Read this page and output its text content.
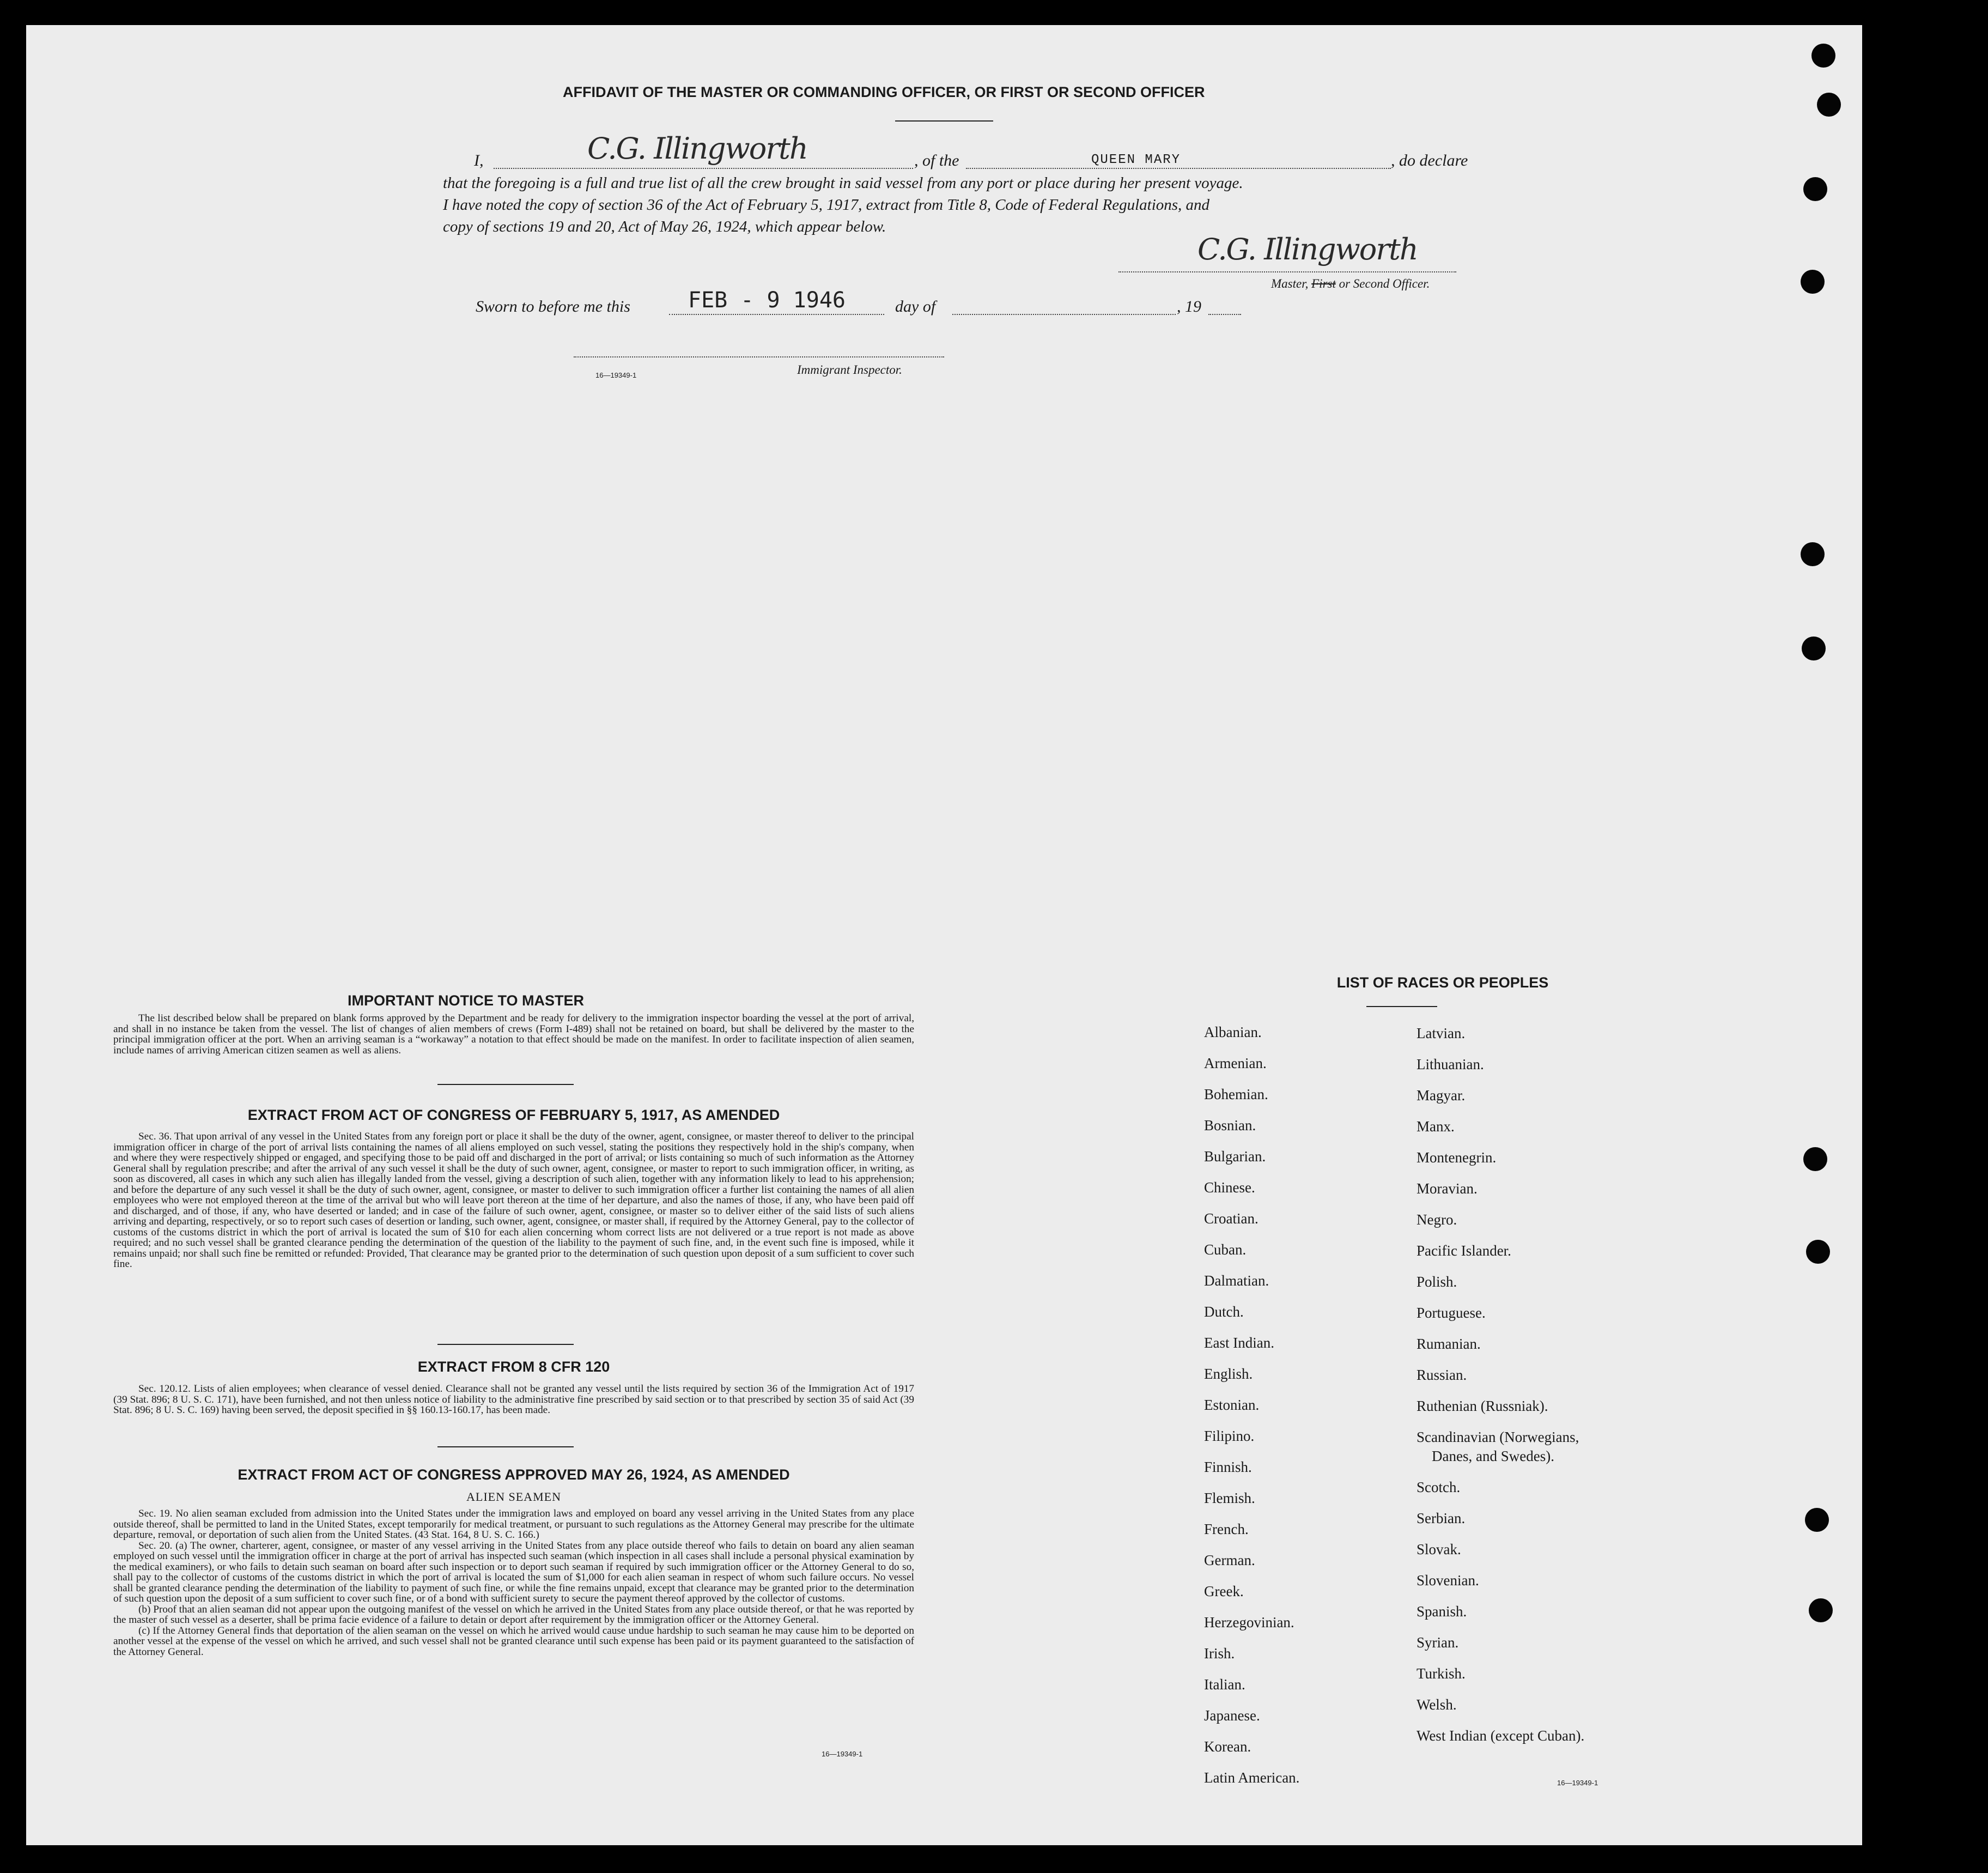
AFFIDAVIT OF THE MASTER OR COMMANDING OFFICER, OR FIRST OR SECOND OFFICER
I,	C.G. Illingworth	, of the	QUEEN MARY	, do declare
that the foregoing is a full and true list of all the crew brought in said vessel from any port or place during her present voyage.
I have noted the copy of section 36 of the Act of February 5, 1917, extract from Title 8, Code of Federal Regulations, and
copy of sections 19 and 20, Act of May 26, 1924, which appear below.
C.G. Illingworth
Master, First or Second Officer.
Sworn to before me this	FEB - 9 1946	day of	, 19
16—19349-1	Immigrant Inspector.
IMPORTANT NOTICE TO MASTER

The list described below shall be prepared on blank forms approved by the Department and be ready for delivery to the immigration inspector boarding the vessel at the port of arrival, and shall in no instance be taken from the vessel. The list of changes of alien members of crews (Form I-489) shall not be retained on board, but shall be delivered by the master to the principal immigration officer at the port. When an arriving seaman is a “workaway” a notation to that effect should be made on the manifest. In order to facilitate inspection of alien seamen, include names of arriving American citizen seamen as well as aliens.

EXTRACT FROM ACT OF CONGRESS OF FEBRUARY 5, 1917, AS AMENDED

Sec. 36. That upon arrival of any vessel in the United States from any foreign port or place it shall be the duty of the owner, agent, consignee, or master thereof to deliver to the principal immigration officer in charge of the port of arrival lists containing the names of all aliens employed on such vessel, stating the positions they respectively hold in the ship's company, when and where they were respectively shipped or engaged, and specifying those to be paid off and discharged in the port of arrival; or lists containing so much of such information as the Attorney General shall by regulation prescribe; and after the arrival of any such vessel it shall be the duty of such owner, agent, consignee, or master to report to such immigration officer, in writing, as soon as discovered, all cases in which any such alien has illegally landed from the vessel, giving a description of such alien, together with any information likely to lead to his apprehension; and before the departure of any such vessel it shall be the duty of such owner, agent, consignee, or master to deliver to such immigration officer a further list containing the names of all alien employees who were not employed thereon at the time of the arrival but who will leave port thereon at the time of her departure, and also the names of those, if any, who have been paid off and discharged, and of those, if any, who have deserted or landed; and in case of the failure of such owner, agent, consignee, or master so to deliver either of the said lists of such aliens arriving and departing, respectively, or so to report such cases of desertion or landing, such owner, agent, consignee, or master shall, if required by the Attorney General, pay to the collector of customs of the customs district in which the port of arrival is located the sum of $10 for each alien concerning whom correct lists are not delivered or a true report is not made as above required; and no such vessel shall be granted clearance pending the determination of the question of the liability to the payment of such fine, and, in the event such fine is imposed, while it remains unpaid; nor shall such fine be remitted or refunded: Provided, That clearance may be granted prior to the determination of such question upon deposit of a sum sufficient to cover such fine.

EXTRACT FROM 8 CFR 120

Sec. 120.12. Lists of alien employees; when clearance of vessel denied. Clearance shall not be granted any vessel until the lists required by section 36 of the Immigration Act of 1917 (39 Stat. 896; 8 U. S. C. 171), have been furnished, and not then unless notice of liability to the administrative fine prescribed by said section or to that prescribed by section 35 of said Act (39 Stat. 896; 8 U. S. C. 169) having been served, the deposit specified in §§ 160.13-160.17, has been made.

EXTRACT FROM ACT OF CONGRESS APPROVED MAY 26, 1924, AS AMENDED
ALIEN SEAMEN

Sec. 19. No alien seaman excluded from admission into the United States under the immigration laws and employed on board any vessel arriving in the United States from any place outside thereof, shall be permitted to land in the United States, except temporarily for medical treatment, or pursuant to such regulations as the Attorney General may prescribe for the ultimate departure, removal, or deportation of such alien from the United States. (43 Stat. 164, 8 U. S. C. 166.)

Sec. 20. (a) The owner, charterer, agent, consignee, or master of any vessel arriving in the United States from any place outside thereof who fails to detain on board any alien seaman employed on such vessel until the immigration officer in charge at the port of arrival has inspected such seaman (which inspection in all cases shall include a personal physical examination by the medical examiners), or who fails to detain such seaman on board after such inspection or to deport such seaman if required by such immigration officer or the Attorney General to do so, shall pay to the collector of customs of the customs district in which the port of arrival is located the sum of $1,000 for each alien seaman in respect of whom such failure occurs. No vessel shall be granted clearance pending the determination of the liability to payment of such fine, or while the fine remains unpaid, except that clearance may be granted prior to the determination of such question upon the deposit of a sum sufficient to cover such fine, or of a bond with sufficient surety to secure the payment thereof approved by the collector of customs.

(b) Proof that an alien seaman did not appear upon the outgoing manifest of the vessel on which he arrived in the United States from any place outside thereof, or that he was reported by the master of such vessel as a deserter, shall be prima facie evidence of a failure to detain or deport after requirement by the immigration officer or the Attorney General.

(c) If the Attorney General finds that deportation of the alien seaman on the vessel on which he arrived would cause undue hardship to such seaman he may cause him to be deported on another vessel at the expense of the vessel on which he arrived, and such vessel shall not be granted clearance until such expense has been paid or its payment guaranteed to the satisfaction of the Attorney General.

16—19349-1
LIST OF RACES OR PEOPLES
Albanian.
Armenian.
Bohemian.
Bosnian.
Bulgarian.
Chinese.
Croatian.
Cuban.
Dalmatian.
Dutch.
East Indian.
English.
Estonian.
Filipino.
Finnish.
Flemish.
French.
German.
Greek.
Herzegovinian.
Irish.
Italian.
Japanese.
Korean.
Latin American.
Latvian.
Lithuanian.
Magyar.
Manx.
Montenegrin.
Moravian.
Negro.
Pacific Islander.
Polish.
Portuguese.
Rumanian.
Russian.
Ruthenian (Russniak).
Scandinavian (Norwegians,
Danes, and Swedes).
Scotch.
Serbian.
Slovak.
Slovenian.
Spanish.
Syrian.
Turkish.
Welsh.
West Indian (except Cuban).
16—19349-1
